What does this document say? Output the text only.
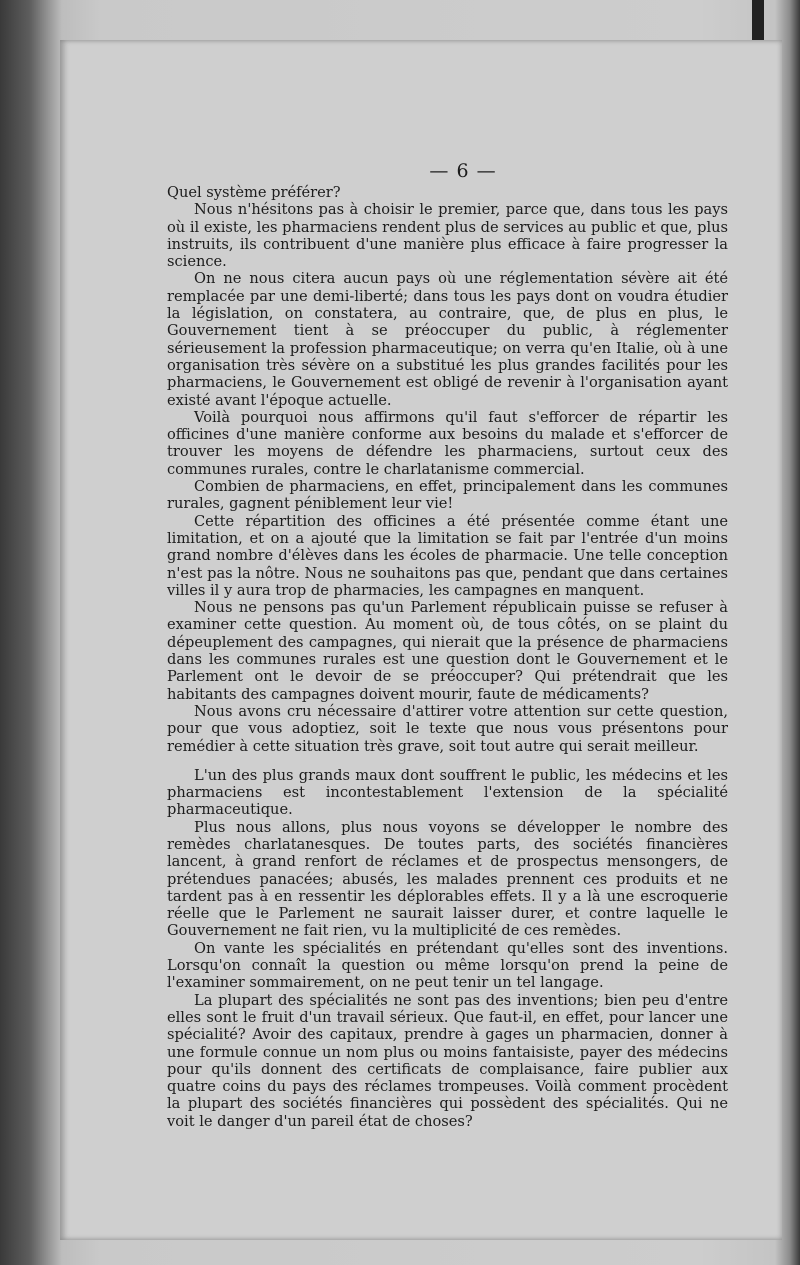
— 6 —

Quel système préférer?

Nous n'hésitons pas à choisir le premier, parce que, dans tous les pays où il existe, les pharmaciens rendent plus de services au public et que, plus instruits, ils contribuent d'une manière plus efficace à faire progresser la science.

On ne nous citera aucun pays où une réglementation sévère ait été remplacée par une demi-liberté; dans tous les pays dont on voudra étudier la législation, on constatera, au contraire, que, de plus en plus, le Gouvernement tient à se préoccuper du public, à réglementer sérieusement la profession pharmaceutique; on verra qu'en Italie, où à une organisation très sévère on a substitué les plus grandes facilités pour les pharmaciens, le Gouvernement est obligé de revenir à l'organisation ayant existé avant l'époque actuelle.

Voilà pourquoi nous affirmons qu'il faut s'efforcer de répartir les officines d'une manière conforme aux besoins du malade et s'efforcer de trouver les moyens de défendre les pharmaciens, surtout ceux des communes rurales, contre le charlatanisme commercial.

Combien de pharmaciens, en effet, principalement dans les communes rurales, gagnent péniblement leur vie!

Cette répartition des officines a été présentée comme étant une limitation, et on a ajouté que la limitation se fait par l'entrée d'un moins grand nombre d'élèves dans les écoles de pharmacie. Une telle conception n'est pas la nôtre. Nous ne souhaitons pas que, pendant que dans certaines villes il y aura trop de pharmacies, les campagnes en manquent.

Nous ne pensons pas qu'un Parlement républicain puisse se refuser à examiner cette question. Au moment où, de tous côtés, on se plaint du dépeuplement des campagnes, qui nierait que la présence de pharmaciens dans les communes rurales est une question dont le Gouvernement et le Parlement ont le devoir de se préoccuper? Qui prétendrait que les habitants des campagnes doivent mourir, faute de médicaments?

Nous avons cru nécessaire d'attirer votre attention sur cette question, pour que vous adoptiez, soit le texte que nous vous présentons pour remédier à cette situation très grave, soit tout autre qui serait meilleur.

L'un des plus grands maux dont souffrent le public, les médecins et les pharmaciens est incontestablement l'extension de la spécialité pharmaceutique.

Plus nous allons, plus nous voyons se développer le nombre des remèdes charlatanesques. De toutes parts, des sociétés financières lancent, à grand renfort de réclames et de prospectus mensongers, de prétendues panacées; abusés, les malades prennent ces produits et ne tardent pas à en ressentir les déplorables effets. Il y a là une escroquerie réelle que le Parlement ne saurait laisser durer, et contre laquelle le Gouvernement ne fait rien, vu la multiplicité de ces remèdes.

On vante les spécialités en prétendant qu'elles sont des inventions. Lorsqu'on connaît la question ou même lorsqu'on prend la peine de l'examiner sommairement, on ne peut tenir un tel langage.

La plupart des spécialités ne sont pas des inventions; bien peu d'entre elles sont le fruit d'un travail sérieux. Que faut-il, en effet, pour lancer une spécialité? Avoir des capitaux, prendre à gages un pharmacien, donner à une formule connue un nom plus ou moins fantaisiste, payer des médecins pour qu'ils donnent des certificats de complaisance, faire publier aux quatre coins du pays des réclames trompeuses. Voilà comment procèdent la plupart des sociétés financières qui possèdent des spécialités. Qui ne voit le danger d'un pareil état de choses?
